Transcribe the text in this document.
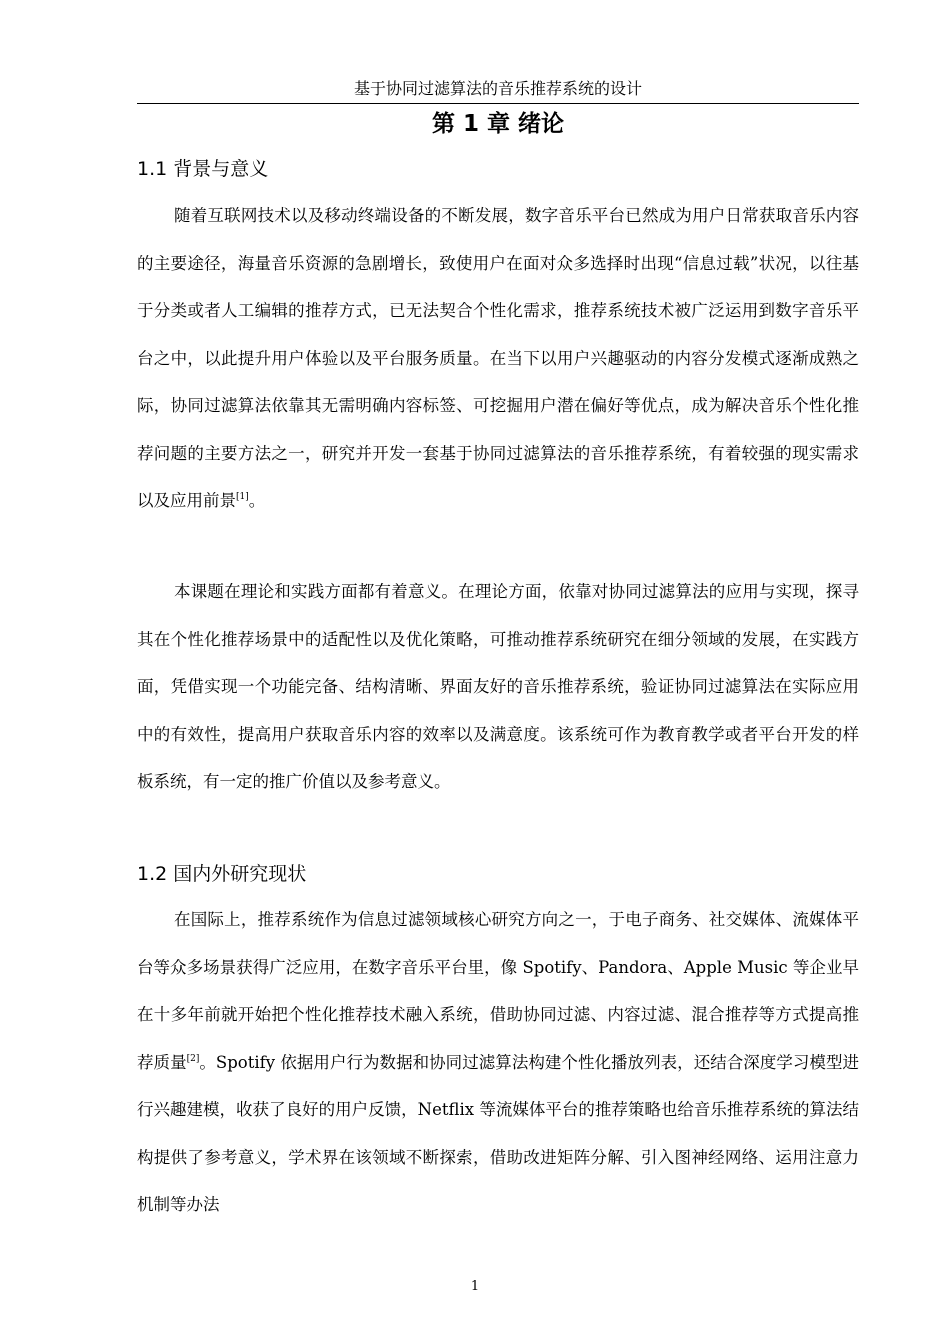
基于协同过滤算法的音乐推荐系统的设计
第 1 章 绪论
1.1 背景与意义

随着互联网技术以及移动终端设备的不断发展，数字音乐平台已然成为用户日常获取音乐内容的主要途径，海量音乐资源的急剧增长，致使用户在面对众多选择时出现“信息过载”状况，以往基于分类或者人工编辑的推荐方式，已无法契合个性化需求，推荐系统技术被广泛运用到数字音乐平台之中，以此提升用户体验以及平台服务质量。在当下以用户兴趣驱动的内容分发模式逐渐成熟之际，协同过滤算法依靠其无需明确内容标签、可挖掘用户潜在偏好等优点，成为解决音乐个性化推荐问题的主要方法之一，研究并开发一套基于协同过滤算法的音乐推荐系统，有着较强的现实需求以及应用前景[1]。

本课题在理论和实践方面都有着意义。在理论方面，依靠对协同过滤算法的应用与实现，探寻其在个性化推荐场景中的适配性以及优化策略，可推动推荐系统研究在细分领域的发展，在实践方面，凭借实现一个功能完备、结构清晰、界面友好的音乐推荐系统，验证协同过滤算法在实际应用中的有效性，提高用户获取音乐内容的效率以及满意度。该系统可作为教育教学或者平台开发的样板系统，有一定的推广价值以及参考意义。

1.2 国内外研究现状

在国际上，推荐系统作为信息过滤领域核心研究方向之一，于电子商务、社交媒体、流媒体平台等众多场景获得广泛应用，在数字音乐平台里，像 Spotify、Pandora、Apple Music 等企业早在十多年前就开始把个性化推荐技术融入系统，借助协同过滤、内容过滤、混合推荐等方式提高推荐质量[2]。Spotify 依据用户行为数据和协同过滤算法构建个性化播放列表，还结合深度学习模型进行兴趣建模，收获了良好的用户反馈，Netflix 等流媒体平台的推荐策略也给音乐推荐系统的算法结构提供了参考意义，学术界在该领域不断探索，借助改进矩阵分解、引入图神经网络、运用注意力机制等办法

1
